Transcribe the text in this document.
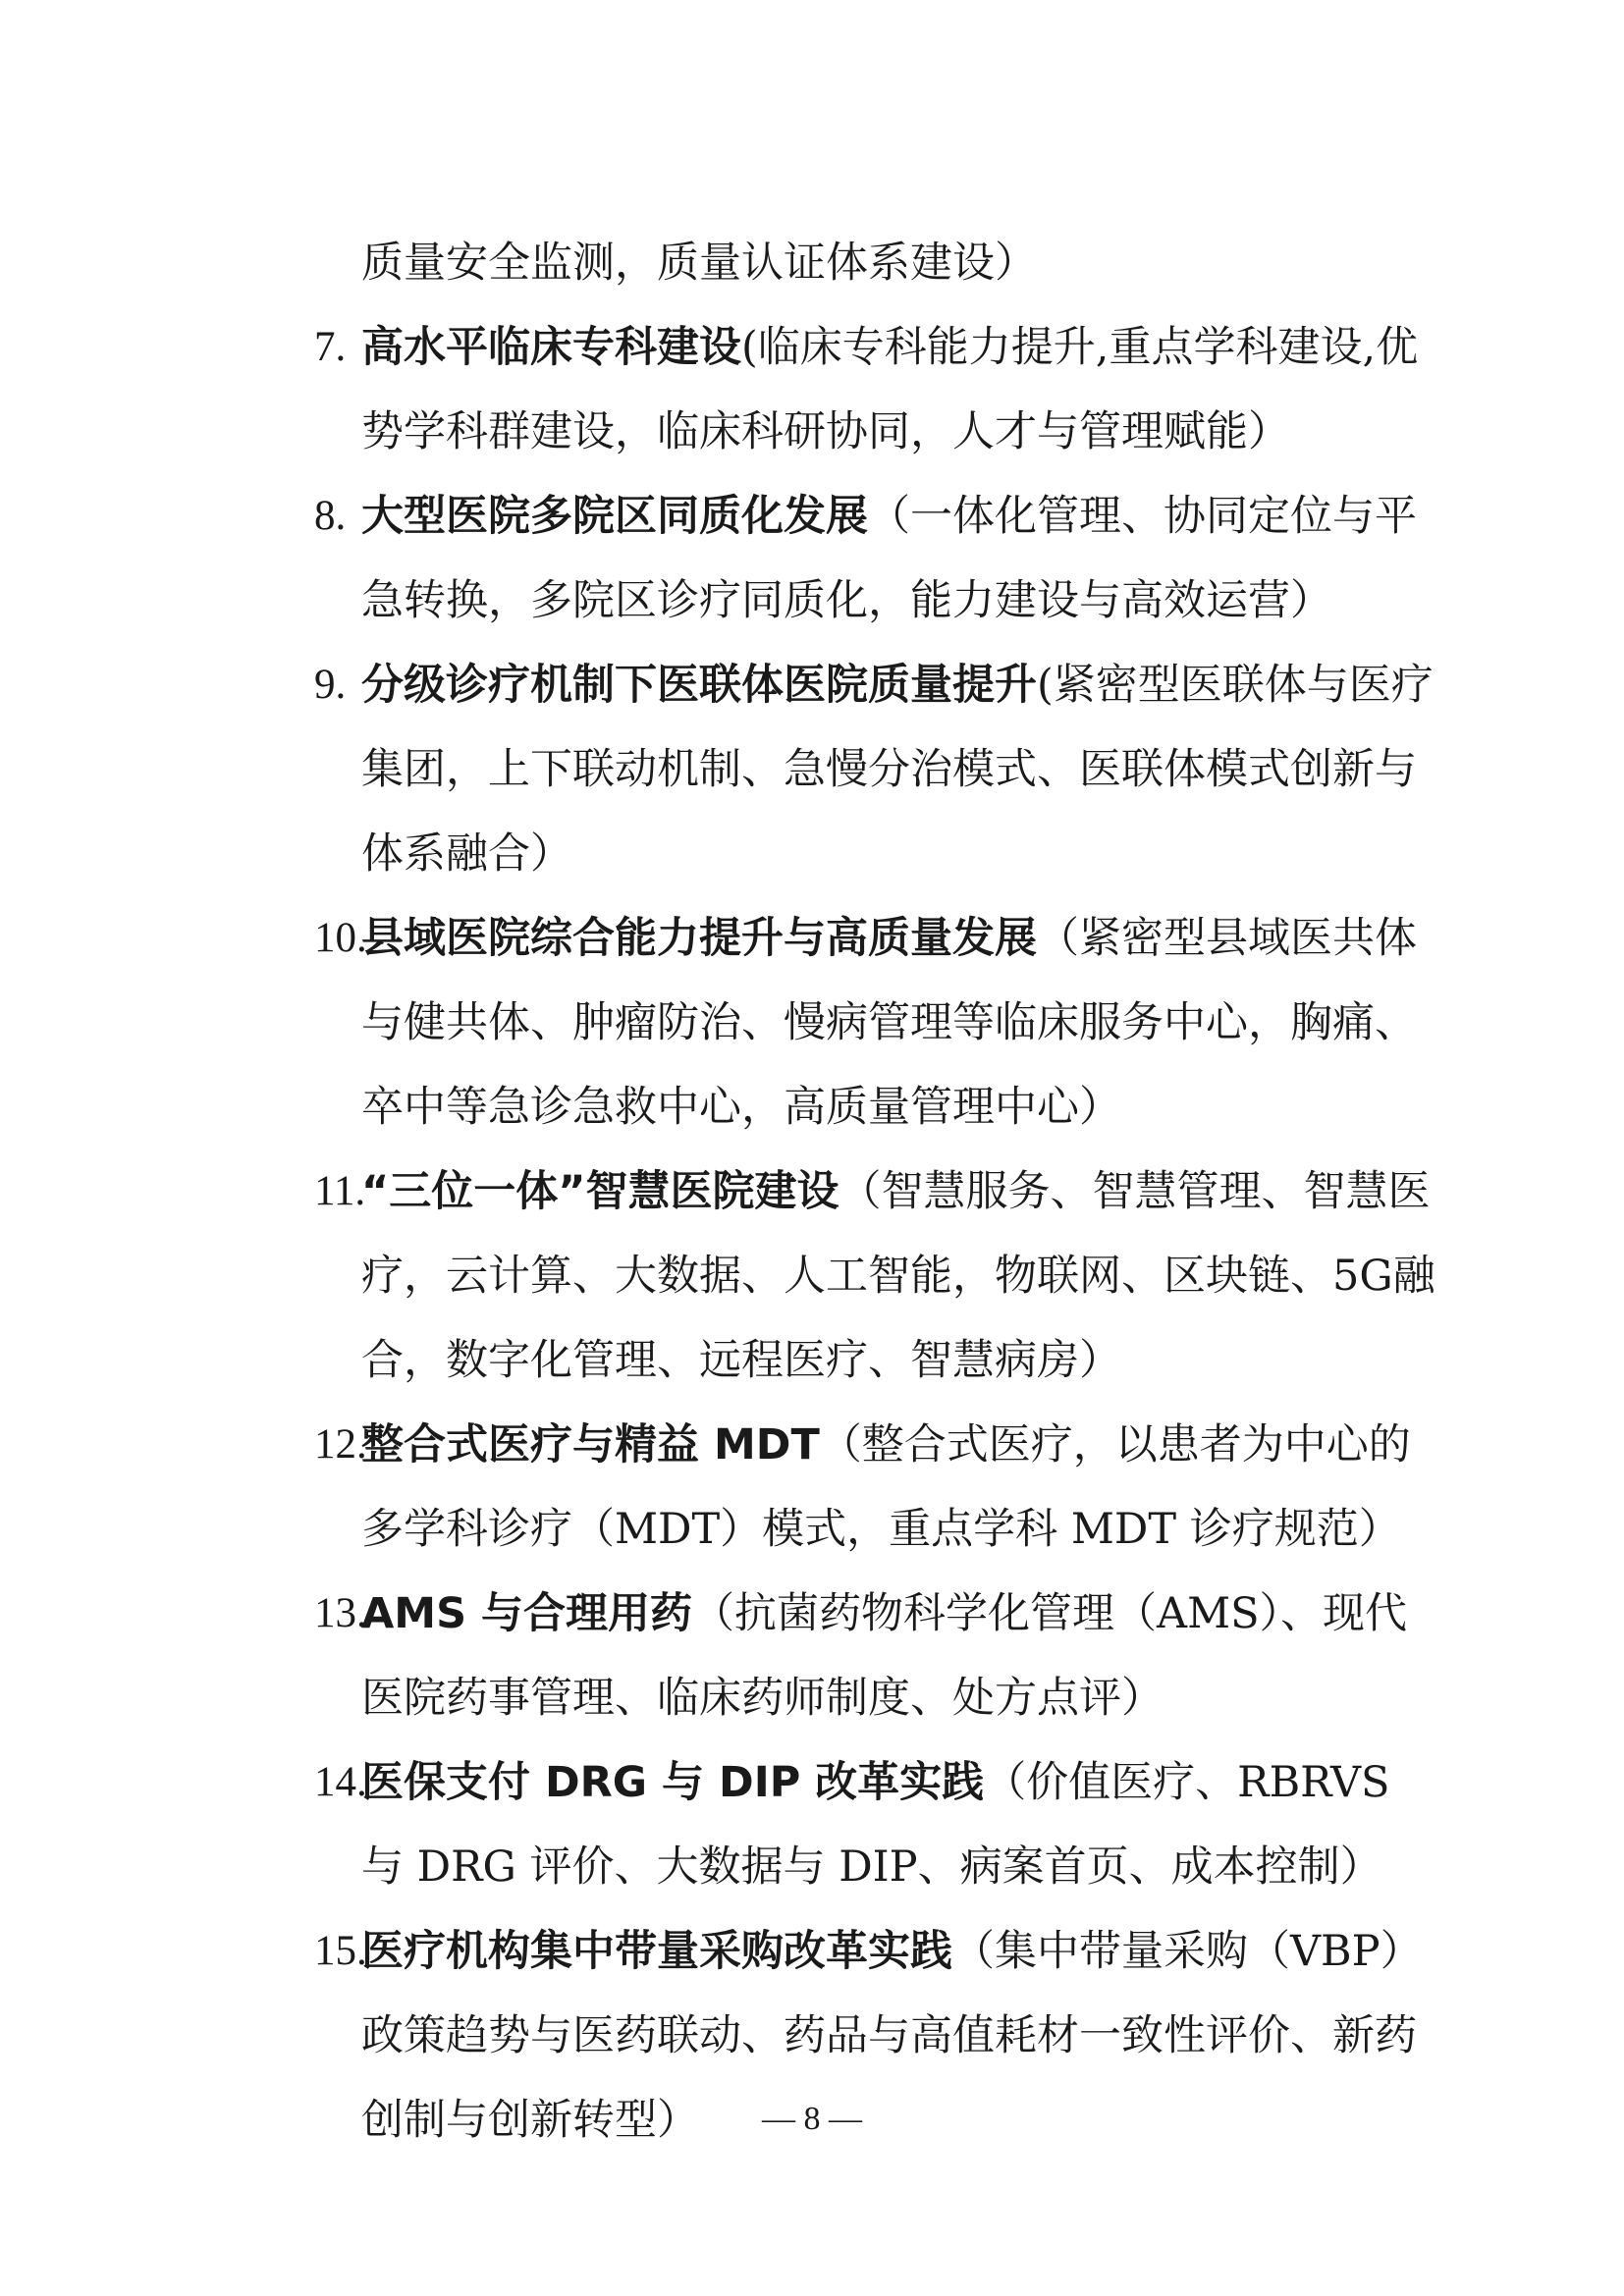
质量安全监测，质量认证体系建设）

7. 高水平临床专科建设(临床专科能力提升,重点学科建设,优势学科群建设，临床科研协同，人才与管理赋能）

8. 大型医院多院区同质化发展（一体化管理、协同定位与平急转换，多院区诊疗同质化，能力建设与高效运营）

9. 分级诊疗机制下医联体医院质量提升(紧密型医联体与医疗集团，上下联动机制、急慢分治模式、医联体模式创新与体系融合）

10.
县域医院综合能力提升与高质量发展（紧密型县域医共体与健共体、肿瘤防治、慢病管理等临床服务中心，胸痛、卒中等急诊急救中心，高质量管理中心）

11.
“三位一体”智慧医院建设（智慧服务、智慧管理、智慧医疗，云计算、大数据、人工智能，物联网、区块链、5G融合，数字化管理、远程医疗、智慧病房）

12.
整合式医疗与精益 MDT（整合式医疗，以患者为中心的多学科诊疗（MDT）模式，重点学科 MDT 诊疗规范）

13.
AMS 与合理用药（抗菌药物科学化管理（AMS）、现代医院药事管理、临床药师制度、处方点评）

14.
医保支付 DRG 与 DIP 改革实践（价值医疗、RBRVS 与 DRG 评价、大数据与 DIP、病案首页、成本控制）

15.
医疗机构集中带量采购改革实践（集中带量采购（VBP）政策趋势与医药联动、药品与高值耗材一致性评价、新药创制与创新转型）	— 8 —
